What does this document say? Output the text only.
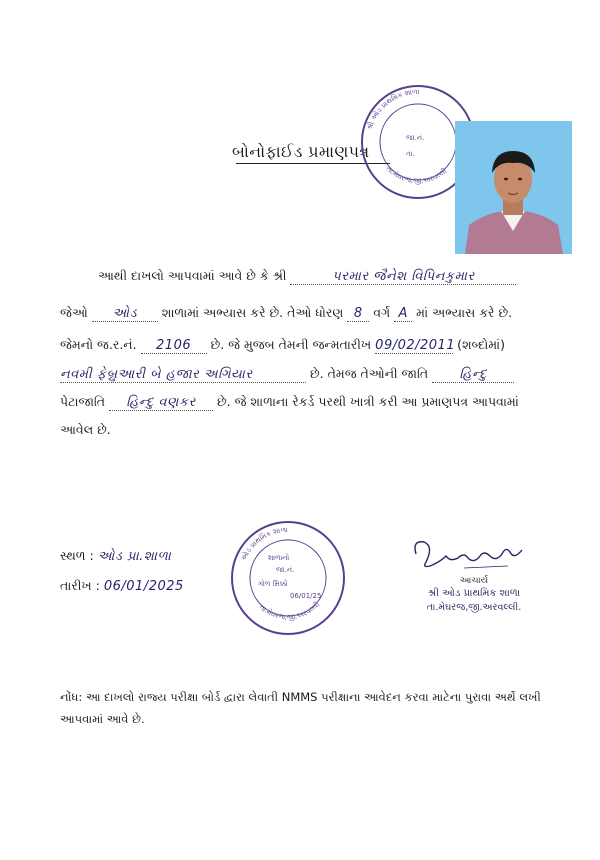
બોનોફાઈડ પ્રમાણપત્ર
શ્રી ઓડ પ્રાથમિક શાળા
જા.નં.
તા.
તા.મેઘરજ,જી.અરવલ્લી
આથી દાખલો આપવામાં આવે છે કે શ્રી	પરમાર જૈનેશ વિપિનકુમાર
જેઓ ઓડ શાળામાં અભ્યાસ કરે છે. તેઓ ધોરણ 8 વર્ગ A માં અભ્યાસ કરે છે.
જેમનો જ.ર.નં. 2106 છે. જે મુજબ તેમની જન્મતારીખ 09/02/2011 (શબ્દોમાં)
નવમી ફેબ્રુઆરી બે હજાર અગિયાર	છે. તેમજ તેઓની જાતિ હિન્દુ
પેટાજાતિ હિન્દુ વણકર છે. જે શાળાના રેકર્ડ પરથી ખાત્રી કરી આ પ્રમાણપત્ર આપવામાં
આવેલ છે.
સ્થળ : ઓડ પ્રા.શાળા
તારીખ : 06/01/2025
ઓડ પ્રાથમિક શાળા
શાળાનો
જા.નં.
ગોળ સિક્કો
06/01/25
તા.મેઘરજ,જી.અરવલ્લી
આચાર્ય
શ્રી ઓડ પ્રાથમિક શાળા
તા.મેઘરજ,જી.અરવલ્લી.
નોંધ: આ દાખલો રાજ્ય પરીક્ષા બોર્ડ દ્વારા લેવાતી NMMS પરીક્ષાના આવેદન કરવા માટેના પુરાવા અર્થે લખી આપવામાં આવે છે.
